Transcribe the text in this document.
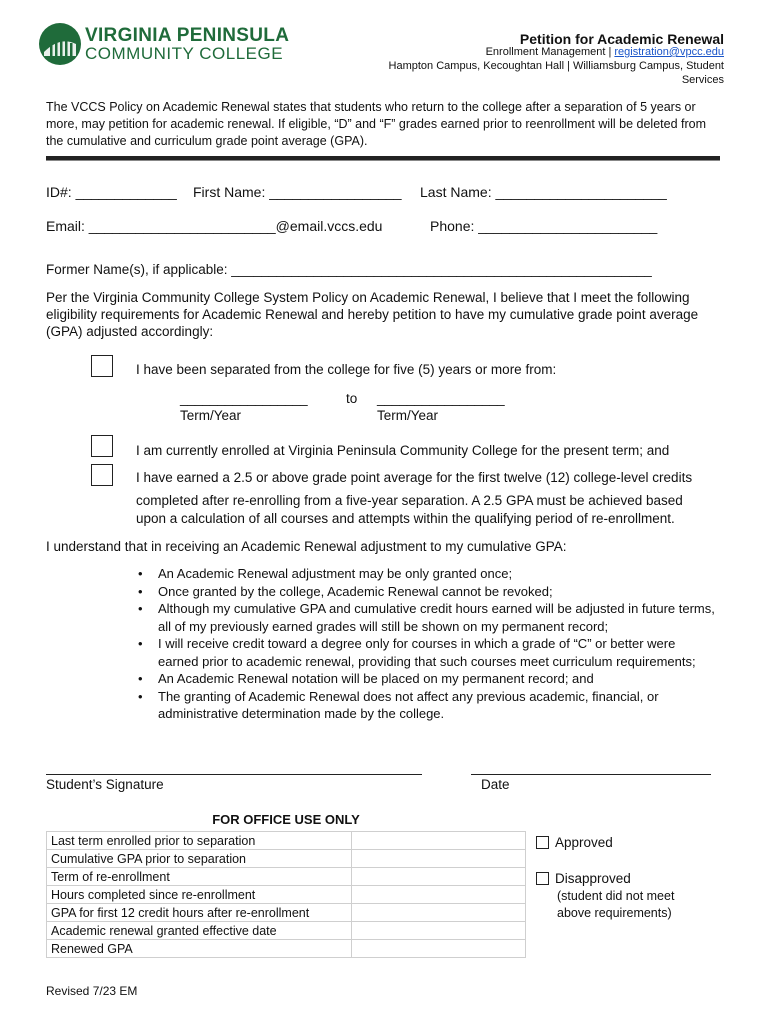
VIRGINIA PENINSULA
COMMUNITY COLLEGE
Petition for Academic Renewal
Enrollment Management | registration@vpcc.edu
Hampton Campus, Kecoughtan Hall | Williamsburg Campus, Student
Services
The VCCS Policy on Academic Renewal states that students who return to the college after a separation of 5 years or more, may petition for academic renewal. If eligible, “D” and “F” grades earned prior to reenrollment will be deleted from the cumulative and curriculum grade point average (GPA).
ID#: _____________ First Name: _________________ Last Name: ______________________
Email: ________________________@email.vccs.edu	Phone: _______________________
Former Name(s), if applicable: ________________________________________________________
Per the Virginia Community College System Policy on Academic Renewal, I believe that I meet the following eligibility requirements for Academic Renewal and hereby petition to have my cumulative grade point average (GPA) adjusted accordingly:
I have been separated from the college for five (5) years or more from:
_________________	to _________________
Term/Year	Term/Year
I am currently enrolled at Virginia Peninsula Community College for the present term; and
I have earned a 2.5 or above grade point average for the first twelve (12) college-level credits
completed after re-enrolling from a five-year separation. A 2.5 GPA must be achieved based
upon a calculation of all courses and attempts within the qualifying period of re-enrollment.
I understand that in receiving an Academic Renewal adjustment to my cumulative GPA:
• An Academic Renewal adjustment may be only granted once;
• Once granted by the college, Academic Renewal cannot be revoked;
• Although my cumulative GPA and cumulative credit hours earned will be adjusted in future terms, all of my previously earned grades will still be shown on my permanent record;
• I will receive credit toward a degree only for courses in which a grade of “C” or better were earned prior to academic renewal, providing that such courses meet curriculum requirements;
• An Academic Renewal notation will be placed on my permanent record; and
• The granting of Academic Renewal does not affect any previous academic, financial, or administrative determination made by the college.
Student’s Signature	Date
FOR OFFICE USE ONLY
Last term enrolled prior to separation	
Cumulative GPA prior to separation	
Term of re-enrollment	
Hours completed since re-enrollment	
GPA for first 12 credit hours after re-enrollment	
Academic renewal granted effective date	
Renewed GPA	
Approved
Disapproved
(student did not meet
above requirements)
Revised 7/23 EM
